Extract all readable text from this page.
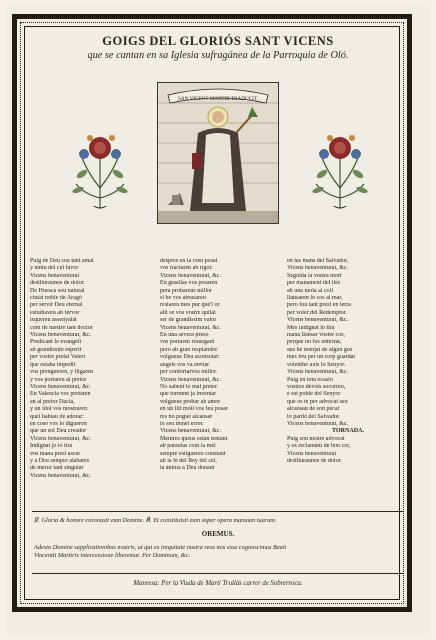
GOIGS DEL GLORIÓS SANT VICENS
que se cantan en sa Iglesia sufragánea de la Parroquia de Oló.
SAN VICENT MARTIR TRADUCIT.
Puig de Deu sou tant amat
y teniu del cel favor
Vicens benaventurat
deslliuraunos de dolor.
De Huesca sou natural
ciutat noble de Aragó
per servir Deu eternal
estudiaveu ab fervor
isquereu assenyalát
com de mestre tant doctor
Vicens benaventurat, &c.
Predicant lo evangeli
ab grandissim esperit
per vostre prelat Valeri
que estaba impedit
vos prengueren, y lligaren
y vos portaren al pretor
Vicens benaventurat, &c.
En Valencia vos portaren
an al pretor Dacià,
y un idol vos mostraren
quel habiau de adorar:
en cosè vos lo digueren
que un sol Deu creador
Vicens benaventurat, &c.
Indignat jo lo tira
vos mana prest ascar
y á Deu sempre alabarés
de mercé tant singular
Vicens benaventurat, &c.
despres en la creu posat
vos tractaren ab rigor.
Vicens benaventurat, &c.
En graellas vos posaren
pera probareus millor
si be vos abrasareu
restareu mes pur que'l or
alli se vos vostre quilát
ser de grandissim valor
Vicens benaventurat, &c.
En una severa presó
vos portaren rossegant
pero ab gran resplandor
volgueus Deu aconsolar:
angels vos va enviar
per confortarvos millor.
Vicens benaventurat, &c.
No sabent lo mal pretor
que torment ja inventar
volgueus probar ab amor
en un llit moll vos feu posar
res no pogué alcansar
lo seu donét error.
Vicens benaventurat, &c.
Mentres queus están tentant
ab paraulas com la mel
sempre estiguereu constant
ab la fé del Rey del cel,
la ánima á Deu donant
en las mans del Salvador,
Vicens benaventurat, &c.
Seguida la vostra mort
per manament del tirá
ab una mola al coll
llansaren lo cos al mar,
pero fou tant prest en terra
per voler del Redemptor.
Vicens benaventurat, &c.
Mes indignat lo tirá
maná llansar vostre cos,
perque no fos enterrat,
aus he menjat de algun gos
mes fou per un corp guardat
volentho axis lo Senyor.
Vicens benaventurat, &c.
Puig en tota ocasió
vostres devots socorreu,
é est poble del Senyor
que os te per advocat seu
alcansau de son pecat
lo pardó del Salvador.
Vicens benaventurat, &c.
TORNADA.
Puig sou nostre advocat
y os reclamám de bon cor,
Vicens benaventurat
deslliuraunos de dolor.
℣. Gloria & honore coronasti eum Domine. ℟. Et constituisti eum super opera manuum tuarum.
OREMUS.
Adesto Domine supplicationibus nostris, ut qui ex iniquitate nostra reos nos esse cognoscimus Beati
Vincentii Martiris intercessione liberemur. Per Dominum, &c.
Manresa: Per la Viuda de Martí Trullás carrer de Sobrerroca.
